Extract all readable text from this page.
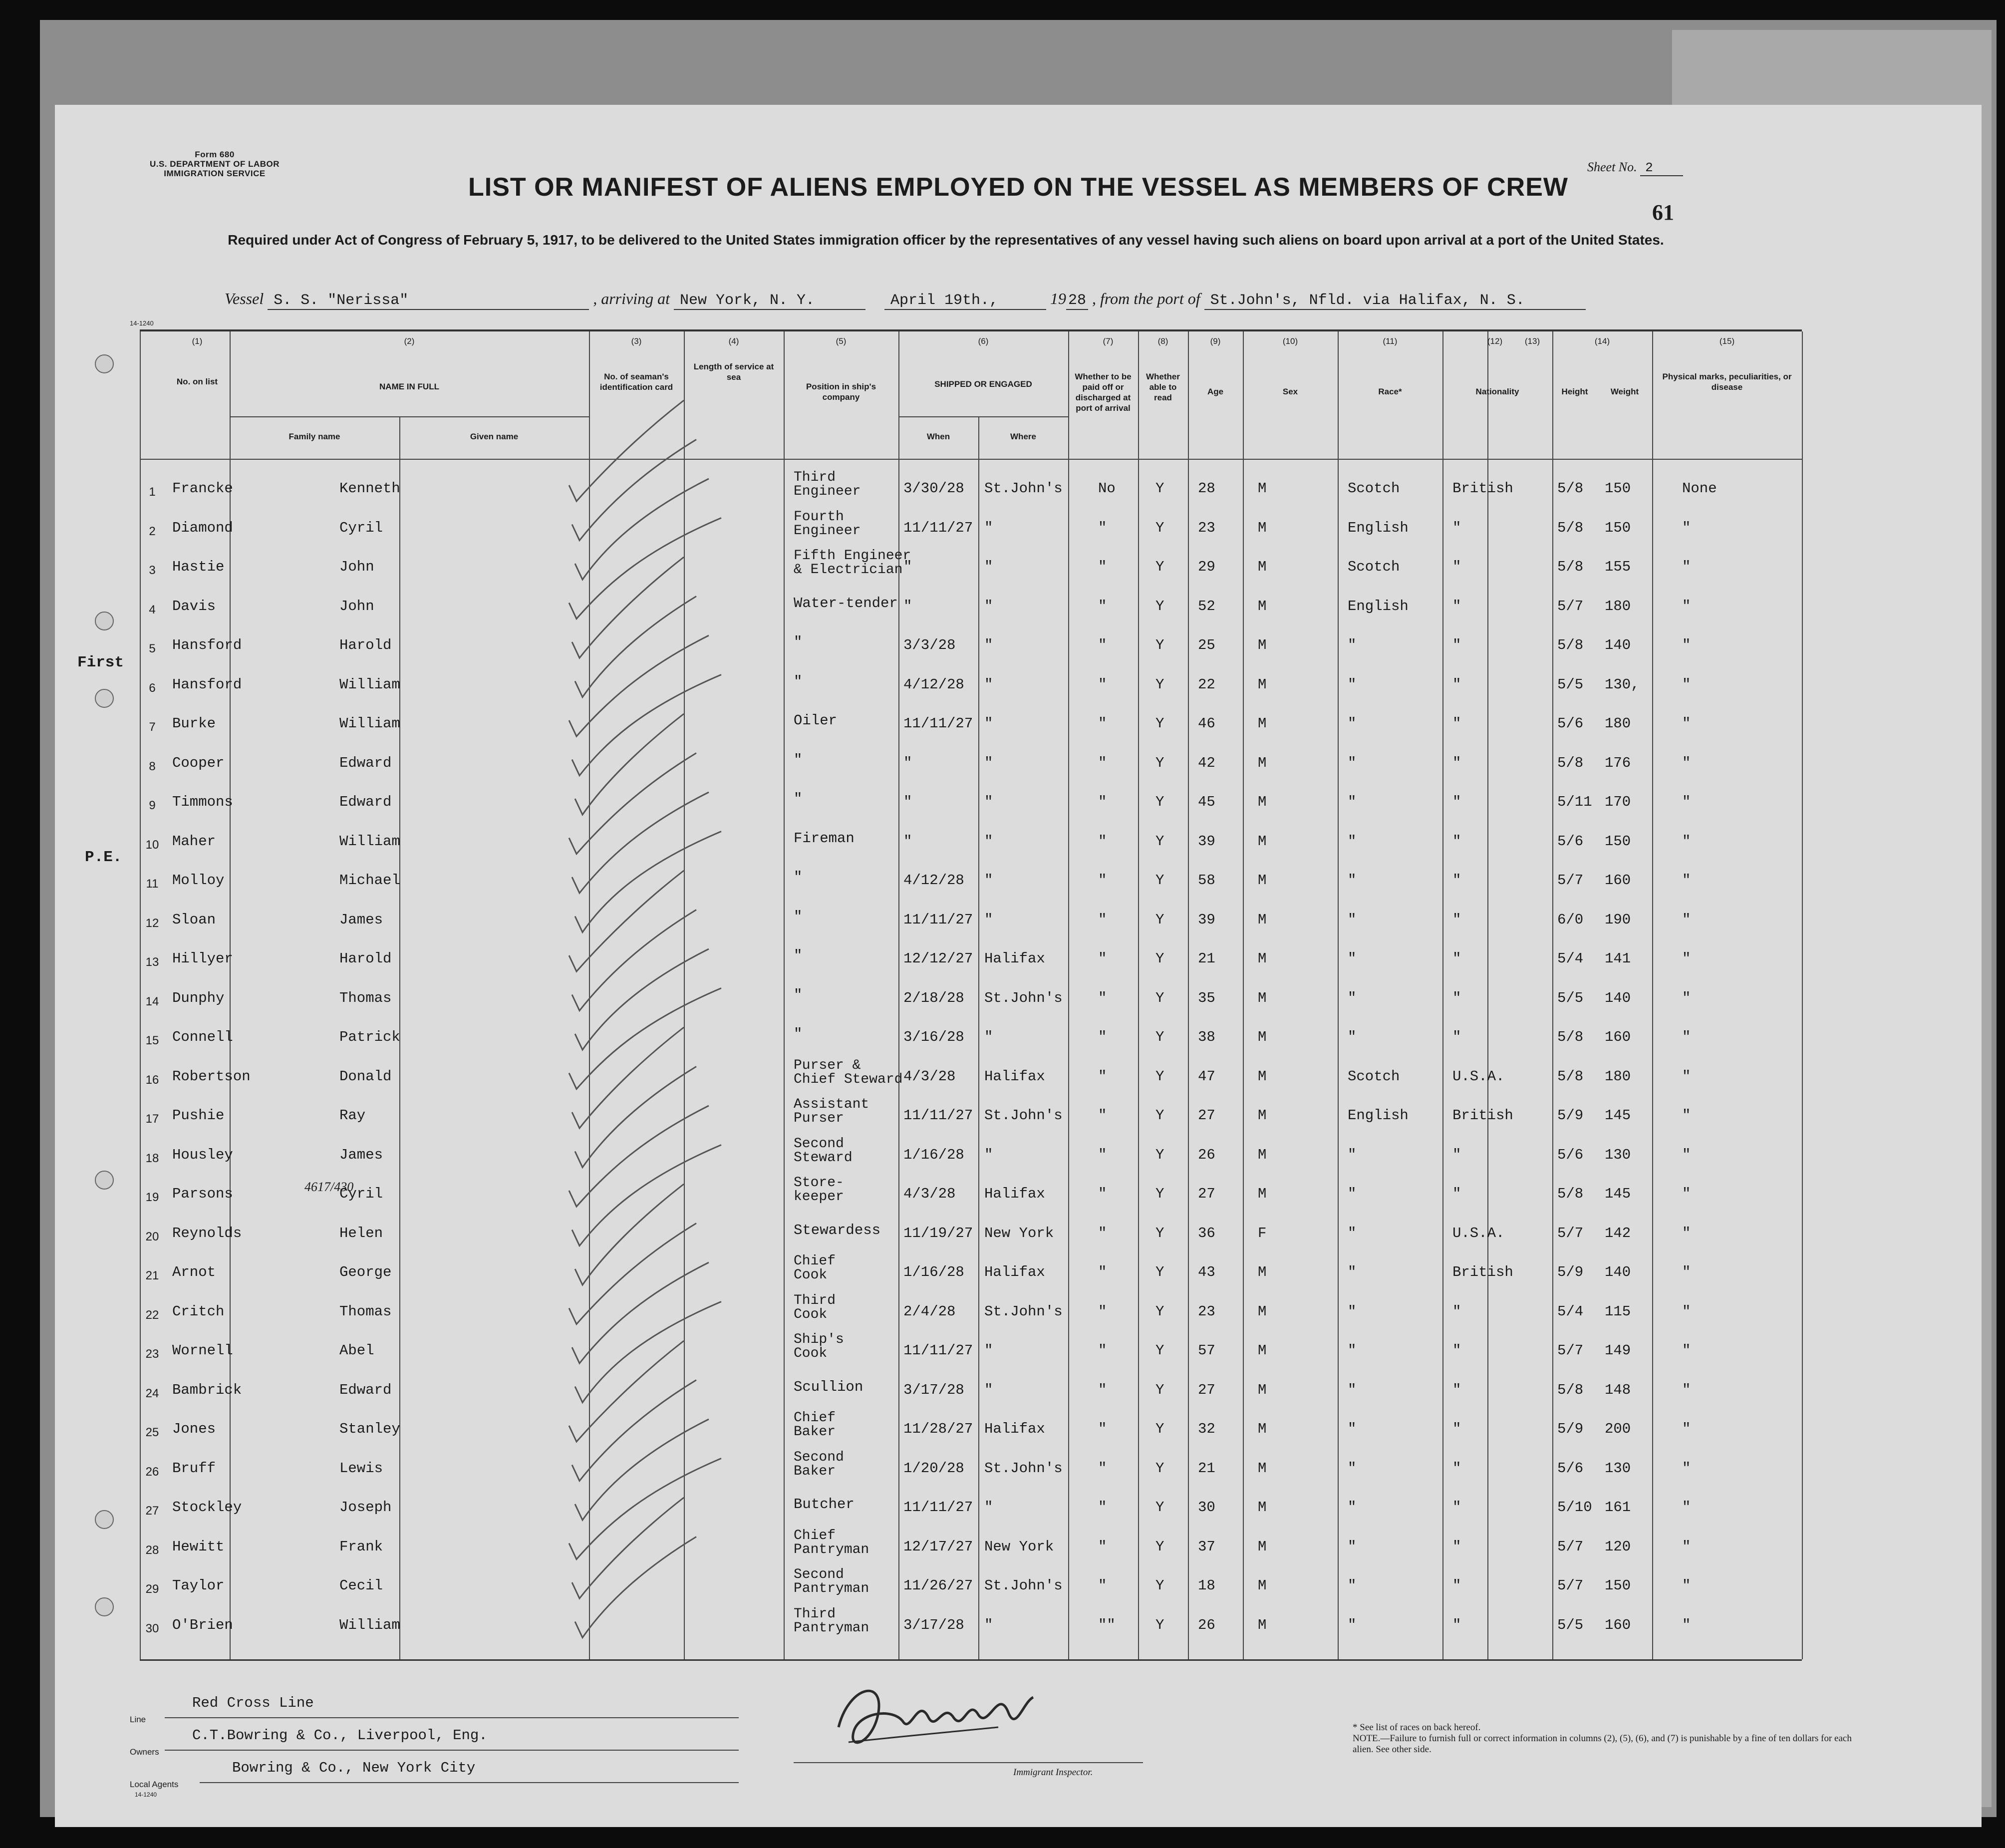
Form 680
U.S. DEPARTMENT OF LABOR
IMMIGRATION SERVICE	Sheet No. 2
61
LIST OR MANIFEST OF ALIENS EMPLOYED ON THE VESSEL AS MEMBERS OF CREW
Required under Act of Congress of February 5, 1917, to be delivered to the United States immigration officer by the representatives of any vessel having such aliens on board upon arrival at a port of the United States.
Vessel S. S. "Nerissa"	, arriving at New York, N. Y.	April 19th.,	19 28 , from the port of St.John's, Nfld. via Halifax, N. S.
14-1240
(1)	(2)	(3)	(4)	(5)	(6)	(7)	(8)	(9)	(10)	(11)	(12)	(13)	(14)	(15)
No. on list
NAME IN FULL
Family name	Given name
No. of seaman's identification card
Length of service at sea
Position in ship's company
SHIPPED OR ENGAGED
When	Where
Whether to be paid off or discharged at port of arrival
Whether able to read
Age	Sex	Race*	Nationality	Height	Weight
Physical marks, peculiarities, or disease
1	Francke	Kenneth
Third
Engineer	3/30/28 St.John's No	Y 28	M	Scotch	British	5/8 150	None
2	Diamond	Cyril
Fourth
Engineer	11/11/27 "	"	Y 23	M	English	"	5/8 150	"
3	Hastie	John
Fifth Engineer
& Electrician "	"	"	Y 29	M	Scotch	"	5/8 155	"
4	Davis	John	Water-tender "	"	"	Y 52	M	English	"	5/7 180	"
5	Hansford	Harold	"	3/3/28 "	"	Y 25	M	"	"	5/8 140	"
6	Hansford	William	"	4/12/28 "	"	Y 22	M	"	"	5/5 130,	"
7	Burke	William	Oiler	11/11/27 "	"	Y 46	M	"	"	5/6 180	"
8	Cooper	Edward	"	"	"	"	Y 42	M	"	"	5/8 176	"
9	Timmons	Edward	"	"	"	"	Y 45	M	"	"	5/11 170	"
10 Maher	William	Fireman	"	"	"	Y 39	M	"	"	5/6 150	"
11 Molloy	Michael	"	4/12/28 "	"	Y 58	M	"	"	5/7 160	"
12 Sloan	James	"	11/11/27 "	"	Y 39	M	"	"	6/0 190	"
13 Hillyer	Harold	"	12/12/27 Halifax	"	Y 21	M	"	"	5/4 141	"
14 Dunphy	Thomas	"	2/18/28 St.John's "	Y 35	M	"	"	5/5 140	"
15 Connell	Patrick	"	3/16/28 "	"	Y 38	M	"	"	5/8 160	"
16 Robertson	Donald
Purser &
Chief Steward 4/3/28 Halifax	"	Y 47	M	Scotch	U.S.A.	5/8 180	"
17 Pushie	Ray
Assistant
Purser	11/11/27 St.John's "	Y 27	M	English	British	5/9 145	"
18 Housley	James
Second
Steward	1/16/28 "	"	Y 26	M	"	"	5/6 130	"
19 Parsons	Cyril
Store-
keeper	4/3/28 Halifax	"	Y 27	M	"	"	5/8 145	"
20 Reynolds	Helen	Stewardess 11/19/27 New York	"	Y 36	F	"	U.S.A.	5/7 142	"
21 Arnot	George
Chief
Cook	1/16/28 Halifax	"	Y 43	M	"	British	5/9 140	"
22 Critch	Thomas
Third
Cook	2/4/28 St.John's "	Y 23	M	"	"	5/4 115	"
23 Wornell	Abel
Ship's
Cook	11/11/27 "	"	Y 57	M	"	"	5/7 149	"
24 Bambrick	Edward	Scullion	3/17/28 "	"	Y 27	M	"	"	5/8 148	"
25 Jones	Stanley
Chief
Baker	11/28/27 Halifax	"	Y 32	M	"	"	5/9 200	"
26 Bruff	Lewis
Second
Baker	1/20/28 St.John's "	Y 21	M	"	"	5/6 130	"
27 Stockley	Joseph	Butcher	11/11/27 "	"	Y 30	M	"	"	5/10 161	"
28 Hewitt	Frank
Chief
Pantryman 12/17/27 New York	"	Y 37	M	"	"	5/7 120	"
29 Taylor	Cecil
Second
Pantryman 11/26/27 St.John's "	Y 18	M	"	"	5/7 150	"
30 O'Brien	William
Third
Pantryman 3/17/28 "	""	Y 26	M	"	"	5/5 160	"
4617/430
First
P.E.
Red Cross Line
Line
C.T.Bowring & Co., Liverpool, Eng.
Owners
Bowring & Co., New York City
Local Agents
14-1240
Immigrant Inspector.
* See list of races on back hereof.
NOTE.—Failure to furnish full or correct information in columns (2), (5), (6), and (7) is punishable by a fine of ten dollars for each alien. See other side.
